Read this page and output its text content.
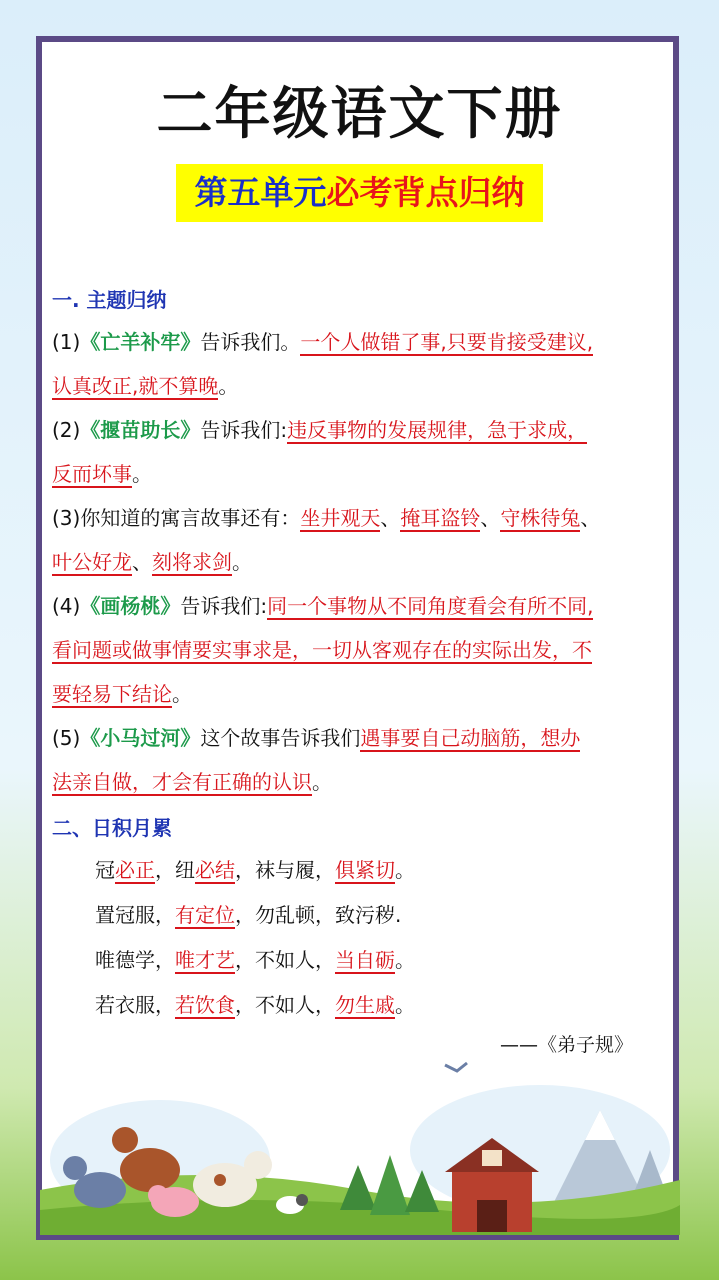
二年级语文下册
第五单元必考背点归纳
一. 主题归纳
(1)《亡羊补牢》告诉我们。一个人做错了事,只要肯接受建议,
认真改正,就不算晚。
(2)《揠苗助长》告诉我们:违反事物的发展规律，急于求成，
反而坏事。
(3)你知道的寓言故事还有：坐井观天、掩耳盗铃、守株待兔、
叶公好龙、刻将求剑。
(4)《画杨桃》告诉我们:同一个事物从不同角度看会有所不同,
看问题或做事情要实事求是，一切从客观存在的实际出发，不
要轻易下结论。
(5)《小马过河》这个故事告诉我们遇事要自己动脑筋，想办
法亲自做，才会有正确的认识。
二、日积月累
冠必正，纽必结，袜与履，俱紧切。
置冠服，有定位，勿乱顿，致污秽.
唯德学，唯才艺，不如人，当自砺。
若衣服，若饮食，不如人，勿生戚。
——《弟子规》
